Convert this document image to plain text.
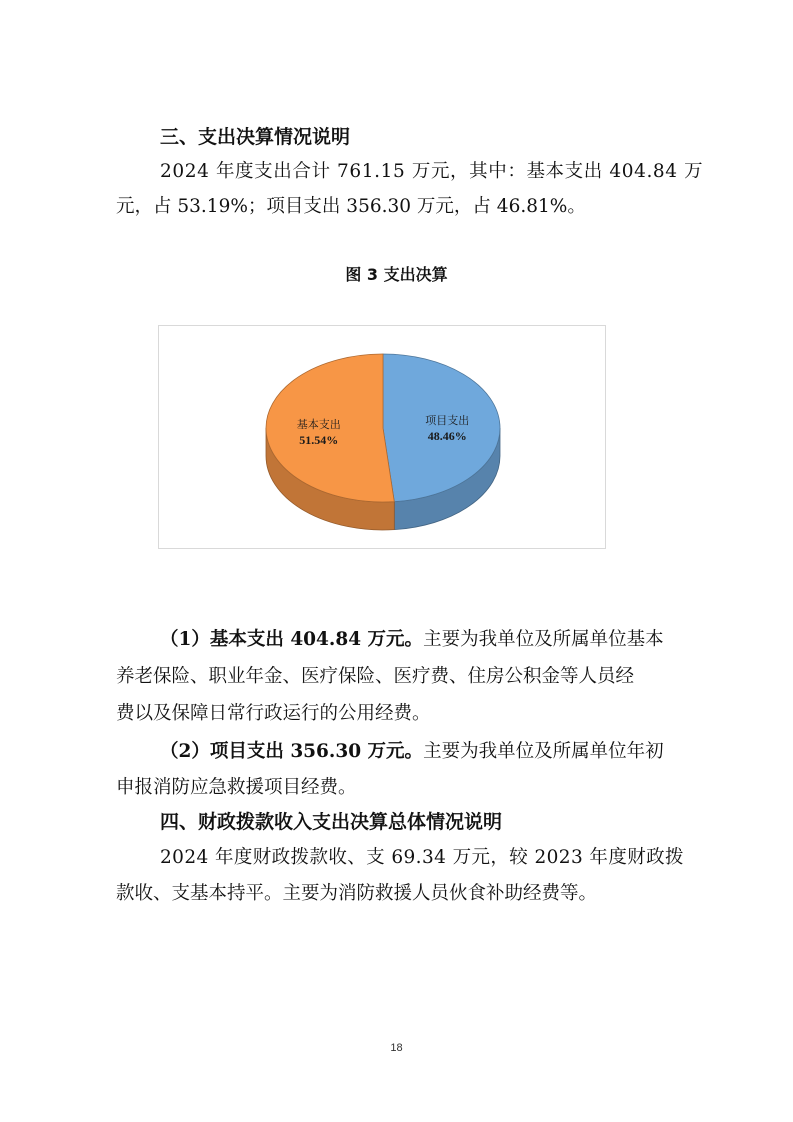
三、支出决算情况说明
2024 年度支出合计 761.15 万元，其中：基本支出 404.84 万
元，占 53.19%；项目支出 356.30 万元，占 46.81%。
图 3 支出决算
项目支出
48.46%
基本支出
51.54%
（1）基本支出 404.84 万元。主要为我单位及所属单位基本
养老保险、职业年金、医疗保险、医疗费、住房公积金等人员经
费以及保障日常行政运行的公用经费。
（2）项目支出 356.30 万元。主要为我单位及所属单位年初
申报消防应急救援项目经费。
四、财政拨款收入支出决算总体情况说明
2024 年度财政拨款收、支 69.34 万元，较 2023 年度财政拨
款收、支基本持平。主要为消防救援人员伙食补助经费等。
18
